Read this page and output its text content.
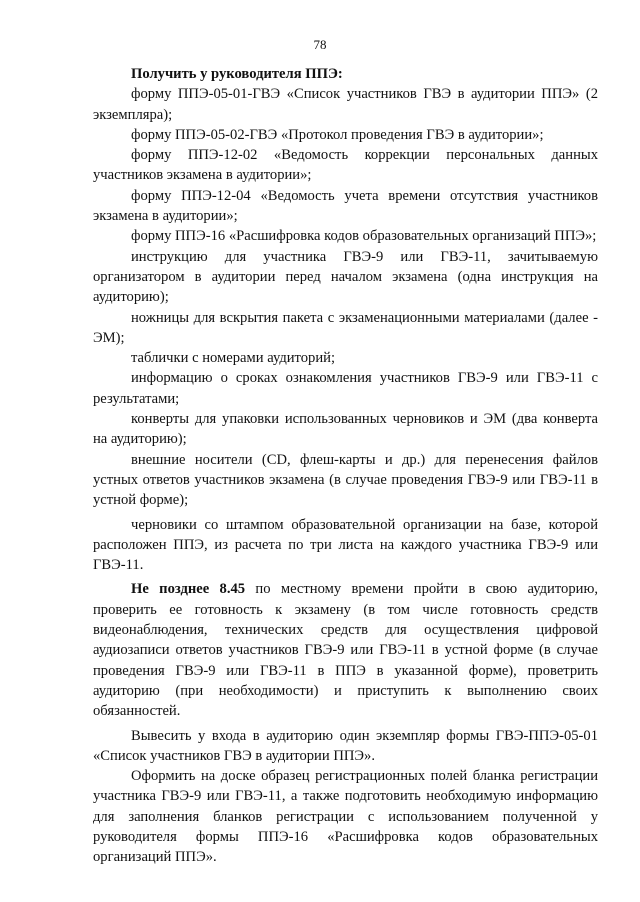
78

Получить у руководителя ППЭ:

форму ППЭ-05-01-ГВЭ «Список участников ГВЭ в аудитории ППЭ» (2 экземпляра);

форму ППЭ-05-02-ГВЭ «Протокол проведения ГВЭ в аудитории»;

форму ППЭ-12-02 «Ведомость коррекции персональных данных участников экзамена в аудитории»;

форму ППЭ-12-04 «Ведомость учета времени отсутствия участников экзамена в аудитории»;

форму ППЭ-16 «Расшифровка кодов образовательных организаций ППЭ»;

инструкцию для участника ГВЭ-9 или ГВЭ-11, зачитываемую организатором в аудитории перед началом экзамена (одна инструкция на аудиторию);

ножницы для вскрытия пакета с экзаменационными материалами (далее - ЭМ);

таблички с номерами аудиторий;

информацию о сроках ознакомления участников ГВЭ-9 или ГВЭ-11 с результатами;

конверты для упаковки использованных черновиков и ЭМ (два конверта на аудиторию);

внешние носители (CD, флеш-карты и др.) для перенесения файлов устных ответов участников экзамена (в случае проведения ГВЭ-9 или ГВЭ-11 в устной форме);

черновики со штампом образовательной организации на базе, которой расположен ППЭ, из расчета по три листа на каждого участника ГВЭ-9 или ГВЭ-11.

Не позднее 8.45 по местному времени пройти в свою аудиторию, проверить ее готовность к экзамену (в том числе готовность средств видеонаблюдения, технических средств для осуществления цифровой аудиозаписи ответов участников ГВЭ-9 или ГВЭ-11 в устной форме (в случае проведения ГВЭ-9 или ГВЭ-11 в ППЭ в указанной форме), проветрить аудиторию (при необходимости) и приступить к выполнению своих обязанностей.

Вывесить у входа в аудиторию один экземпляр формы ГВЭ-ППЭ-05-01 «Список участников ГВЭ в аудитории ППЭ».

Оформить на доске образец регистрационных полей бланка регистрации участника ГВЭ-9 или ГВЭ-11, а также подготовить необходимую информацию для заполнения бланков регистрации с использованием полученной у руководителя формы ППЭ-16 «Расшифровка кодов образовательных организаций ППЭ».
